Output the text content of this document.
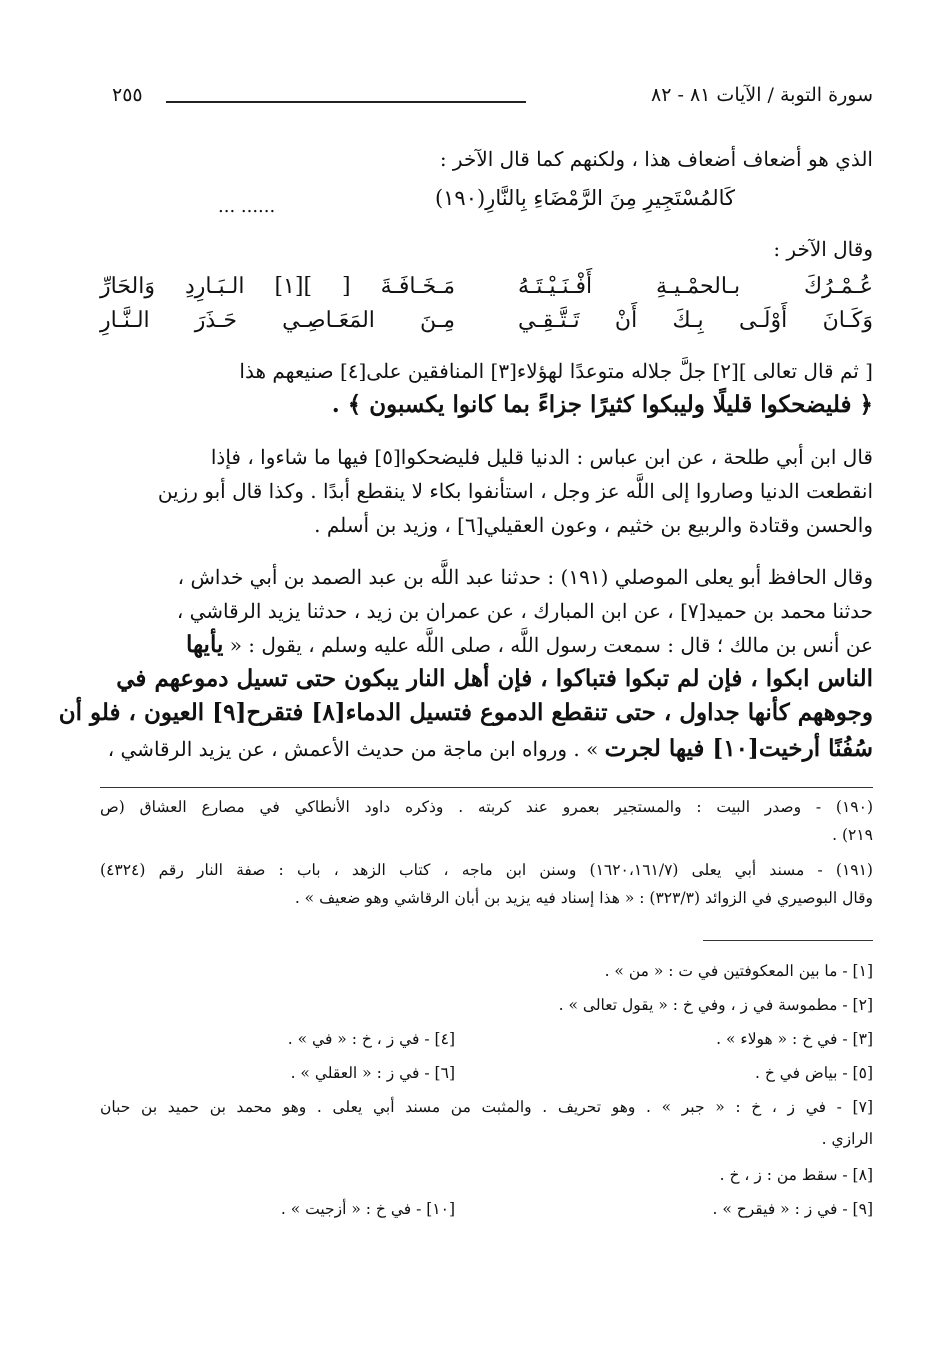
سورة التوبة / الآيات ٨١ - ٨٢
٢٥٥
الذي هو أضعاف أضعاف هذا ، ولكنهم كما قال الآخر :
كَالمُسْتَجِيرِ مِنَ الرَّمْضَاءِ بِالنَّارِ(١٩٠)
... ......
وقال الآخر :
عُـمْـرُكَ بـالحمْـيـةِ أَفْـنَـيْـتَـهُ
مَـخَـافَـةَ [ ][١] الـبَـارِدِ وَالحَارِّ
وَكَـانَ أَوْلَـى بِـكَ أَنْ تَـتَّـقِـي
مِـنَ المَعَـاصِـي حَـذَرَ الـنَّـارِ
[ ثم قال تعالى ][٢] جلَّ جلاله متوعدًا لهؤلاء[٣] المنافقين على[٤] صنيعهم هذا
﴿ فليضحكوا قليلًا وليبكوا كثيرًا جزاءً بما كانوا يكسبون ﴾ .
قال ابن أبي طلحة ، عن ابن عباس : الدنيا قليل فليضحكوا[٥] فيها ما شاءوا ، فإذا
انقطعت الدنيا وصاروا إلى اللَّه عز وجل ، استأنفوا بكاء لا ينقطع أبدًا . وكذا قال أبو رزين
والحسن وقتادة والربيع بن خثيم ، وعون العقيلي[٦] ، وزيد بن أسلم .
وقال الحافظ أبو يعلى الموصلي (١٩١) : حدثنا عبد اللَّه بن عبد الصمد بن أبي خداش ،
حدثنا محمد بن حميد[٧] ، عن ابن المبارك ، عن عمران بن زيد ، حدثنا يزيد الرقاشي ،
عن أنس بن مالك ؛ قال : سمعت رسول اللَّه ، صلى اللَّه عليه وسلم ، يقول : « يأيها
الناس ابكوا ، فإن لم تبكوا فتباكوا ، فإن أهل النار يبكون حتى تسيل دموعهم في
وجوههم كأنها جداول ، حتى تنقطع الدموع فتسيل الدماء[٨] فتقرح[٩] العيون ، فلو أن
سُفُنًا أرخيت[١٠] فيها لجرت » . ورواه ابن ماجة من حديث الأعمش ، عن يزيد الرقاشي ،
(١٩٠) - وصدر البيت : والمستجير بعمرو عند كربته . وذكره داود الأنطاكي في مصارع العشاق (ص
٢١٩) .
(١٩١) - مسند أبي يعلى (١٦٢٠،١٦١/٧) وسنن ابن ماجه ، كتاب الزهد ، باب : صفة النار رقم (٤٣٢٤)
وقال البوصيري في الزوائد (٣٢٣/٣) : « هذا إسناد فيه يزيد بن أبان الرقاشي وهو ضعيف » .
[١] - ما بين المعكوفتين في ت : « من » .
[٢] - مطموسة في ز ، وفي خ : « يقول تعالى » .
[٣] - في خ : « هولاء » .
[٤] - في ز ، خ : « في » .
[٥] - بياض في خ .
[٦] - في ز : « العقلي » .
[٧] - في ز ، خ : « جبر » . وهو تحريف . والمثبت من مسند أبي يعلى . وهو محمد بن حميد بن حبان
الرازي .
[٨] - سقط من : ز ، خ .
[٩] - في ز : « فيقرح » .
[١٠] - في خ : « أزجيت » .
